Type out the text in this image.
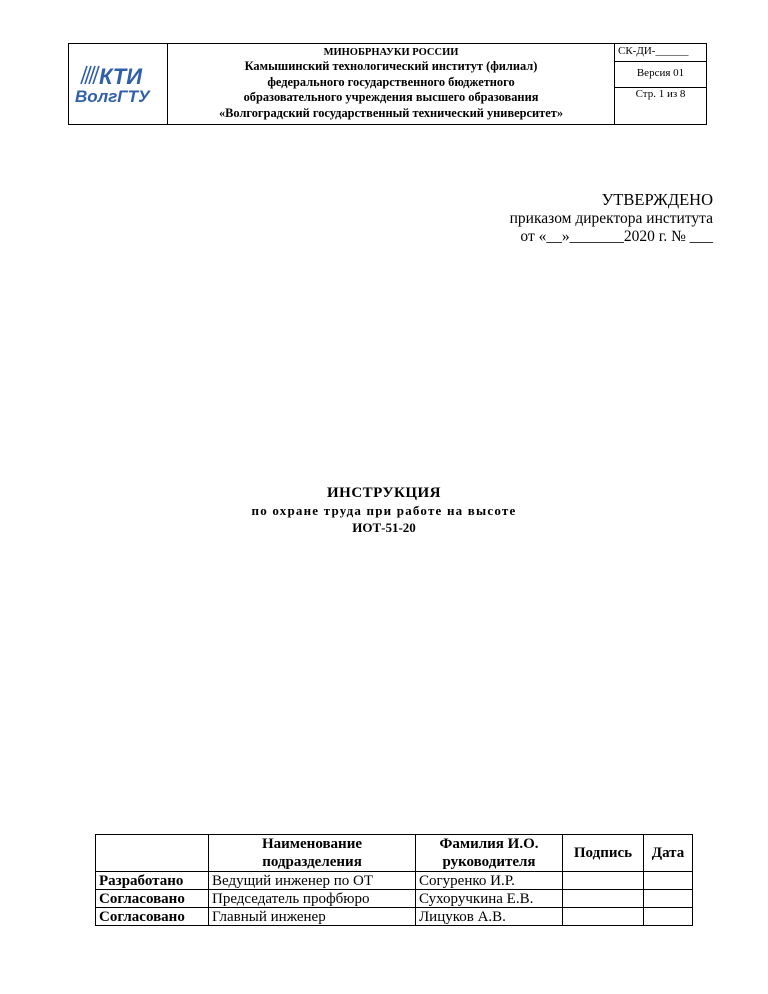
КТИ
ВолгГТУ
МИНОБРНАУКИ РОССИИ
Камышинский технологический институт (филиал)
федерального государственного бюджетного
образовательного учреждения высшего образования
«Волгоградский государственный технический университет»
СК-ДИ-______
Версия 01
Стр. 1 из 8
УТВЕРЖДЕНО
приказом директора института
от «__»_______2020 г. № ___
ИНСТРУКЦИЯ
по охране труда при работе на высоте
ИОТ-51-20
	Наименование подразделения	Фамилия И.О. руководителя	Подпись	Дата
Разработано	Ведущий инженер по ОТ	Согуренко И.Р.		
Согласовано	Председатель профбюро	Сухоручкина Е.В.		
Согласовано	Главный инженер	Лицуков А.В.		
